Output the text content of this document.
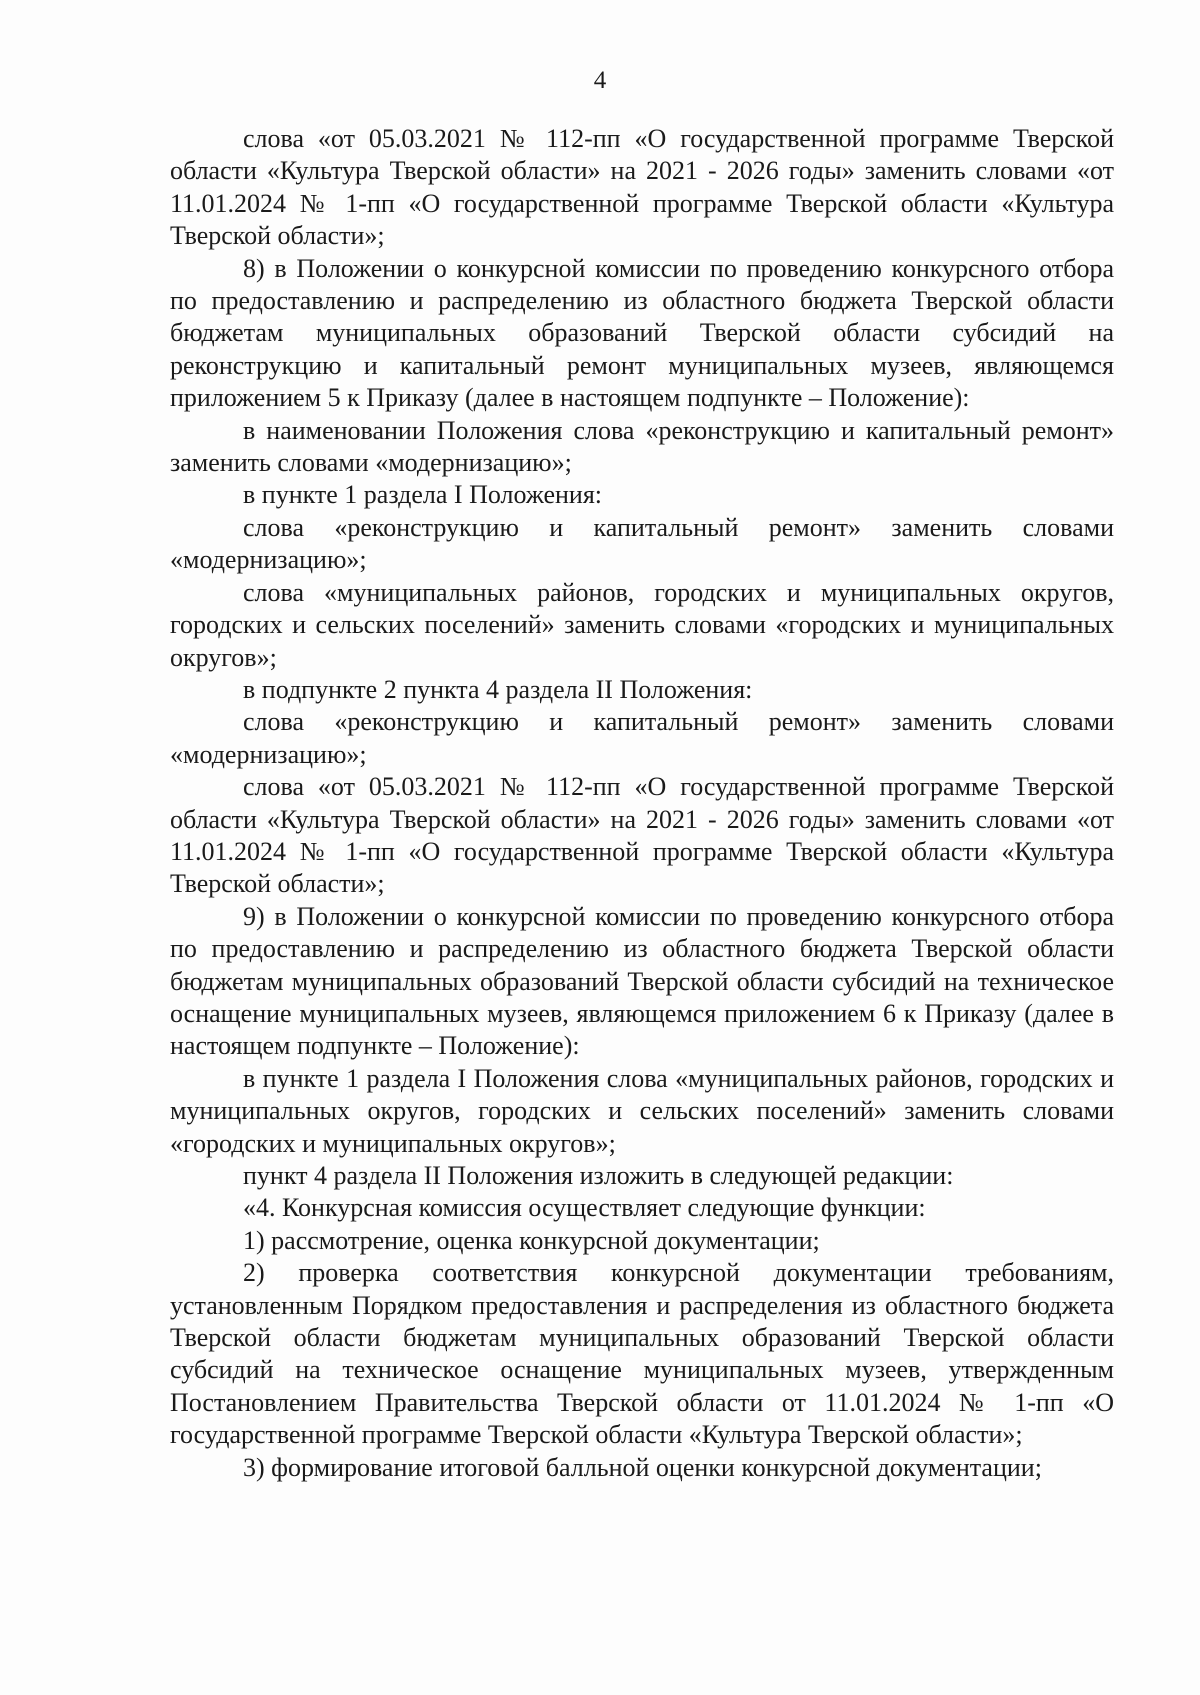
4

слова «от 05.03.2021 № 112-пп «О государственной программе Тверской области «Культура Тверской области» на 2021 - 2026 годы» заменить словами «от 11.01.2024 № 1-пп «О государственной программе Тверской области «Культура Тверской области»;

8) в Положении о конкурсной комиссии по проведению конкурсного отбора по предоставлению и распределению из областного бюджета Тверской области бюджетам муниципальных образований Тверской области субсидий на реконструкцию и капитальный ремонт муниципальных музеев, являющемся приложением 5 к Приказу (далее в настоящем подпункте – Положение):

в наименовании Положения слова «реконструкцию и капитальный ремонт» заменить словами «модернизацию»;

в пункте 1 раздела I Положения:

слова «реконструкцию и капитальный ремонт» заменить словами «модернизацию»;

слова «муниципальных районов, городских и муниципальных округов, городских и сельских поселений» заменить словами «городских и муниципальных округов»;

в подпункте 2 пункта 4 раздела II Положения:

слова «реконструкцию и капитальный ремонт» заменить словами «модернизацию»;

слова «от 05.03.2021 № 112-пп «О государственной программе Тверской области «Культура Тверской области» на 2021 - 2026 годы» заменить словами «от 11.01.2024 № 1-пп «О государственной программе Тверской области «Культура Тверской области»;

9) в Положении о конкурсной комиссии по проведению конкурсного отбора по предоставлению и распределению из областного бюджета Тверской области бюджетам муниципальных образований Тверской области субсидий на техническое оснащение муниципальных музеев, являющемся приложением 6 к Приказу (далее в настоящем подпункте – Положение):

в пункте 1 раздела I Положения слова «муниципальных районов, городских и муниципальных округов, городских и сельских поселений» заменить словами «городских и муниципальных округов»;

пункт 4 раздела II Положения изложить в следующей редакции:

«4. Конкурсная комиссия осуществляет следующие функции:

1) рассмотрение, оценка конкурсной документации;

2) проверка соответствия конкурсной документации требованиям, установленным Порядком предоставления и распределения из областного бюджета Тверской области бюджетам муниципальных образований Тверской области субсидий на техническое оснащение муниципальных музеев, утвержденным Постановлением Правительства Тверской области от 11.01.2024 № 1-пп «О государственной программе Тверской области «Культура Тверской области»;

3) формирование итоговой балльной оценки конкурсной документации;
